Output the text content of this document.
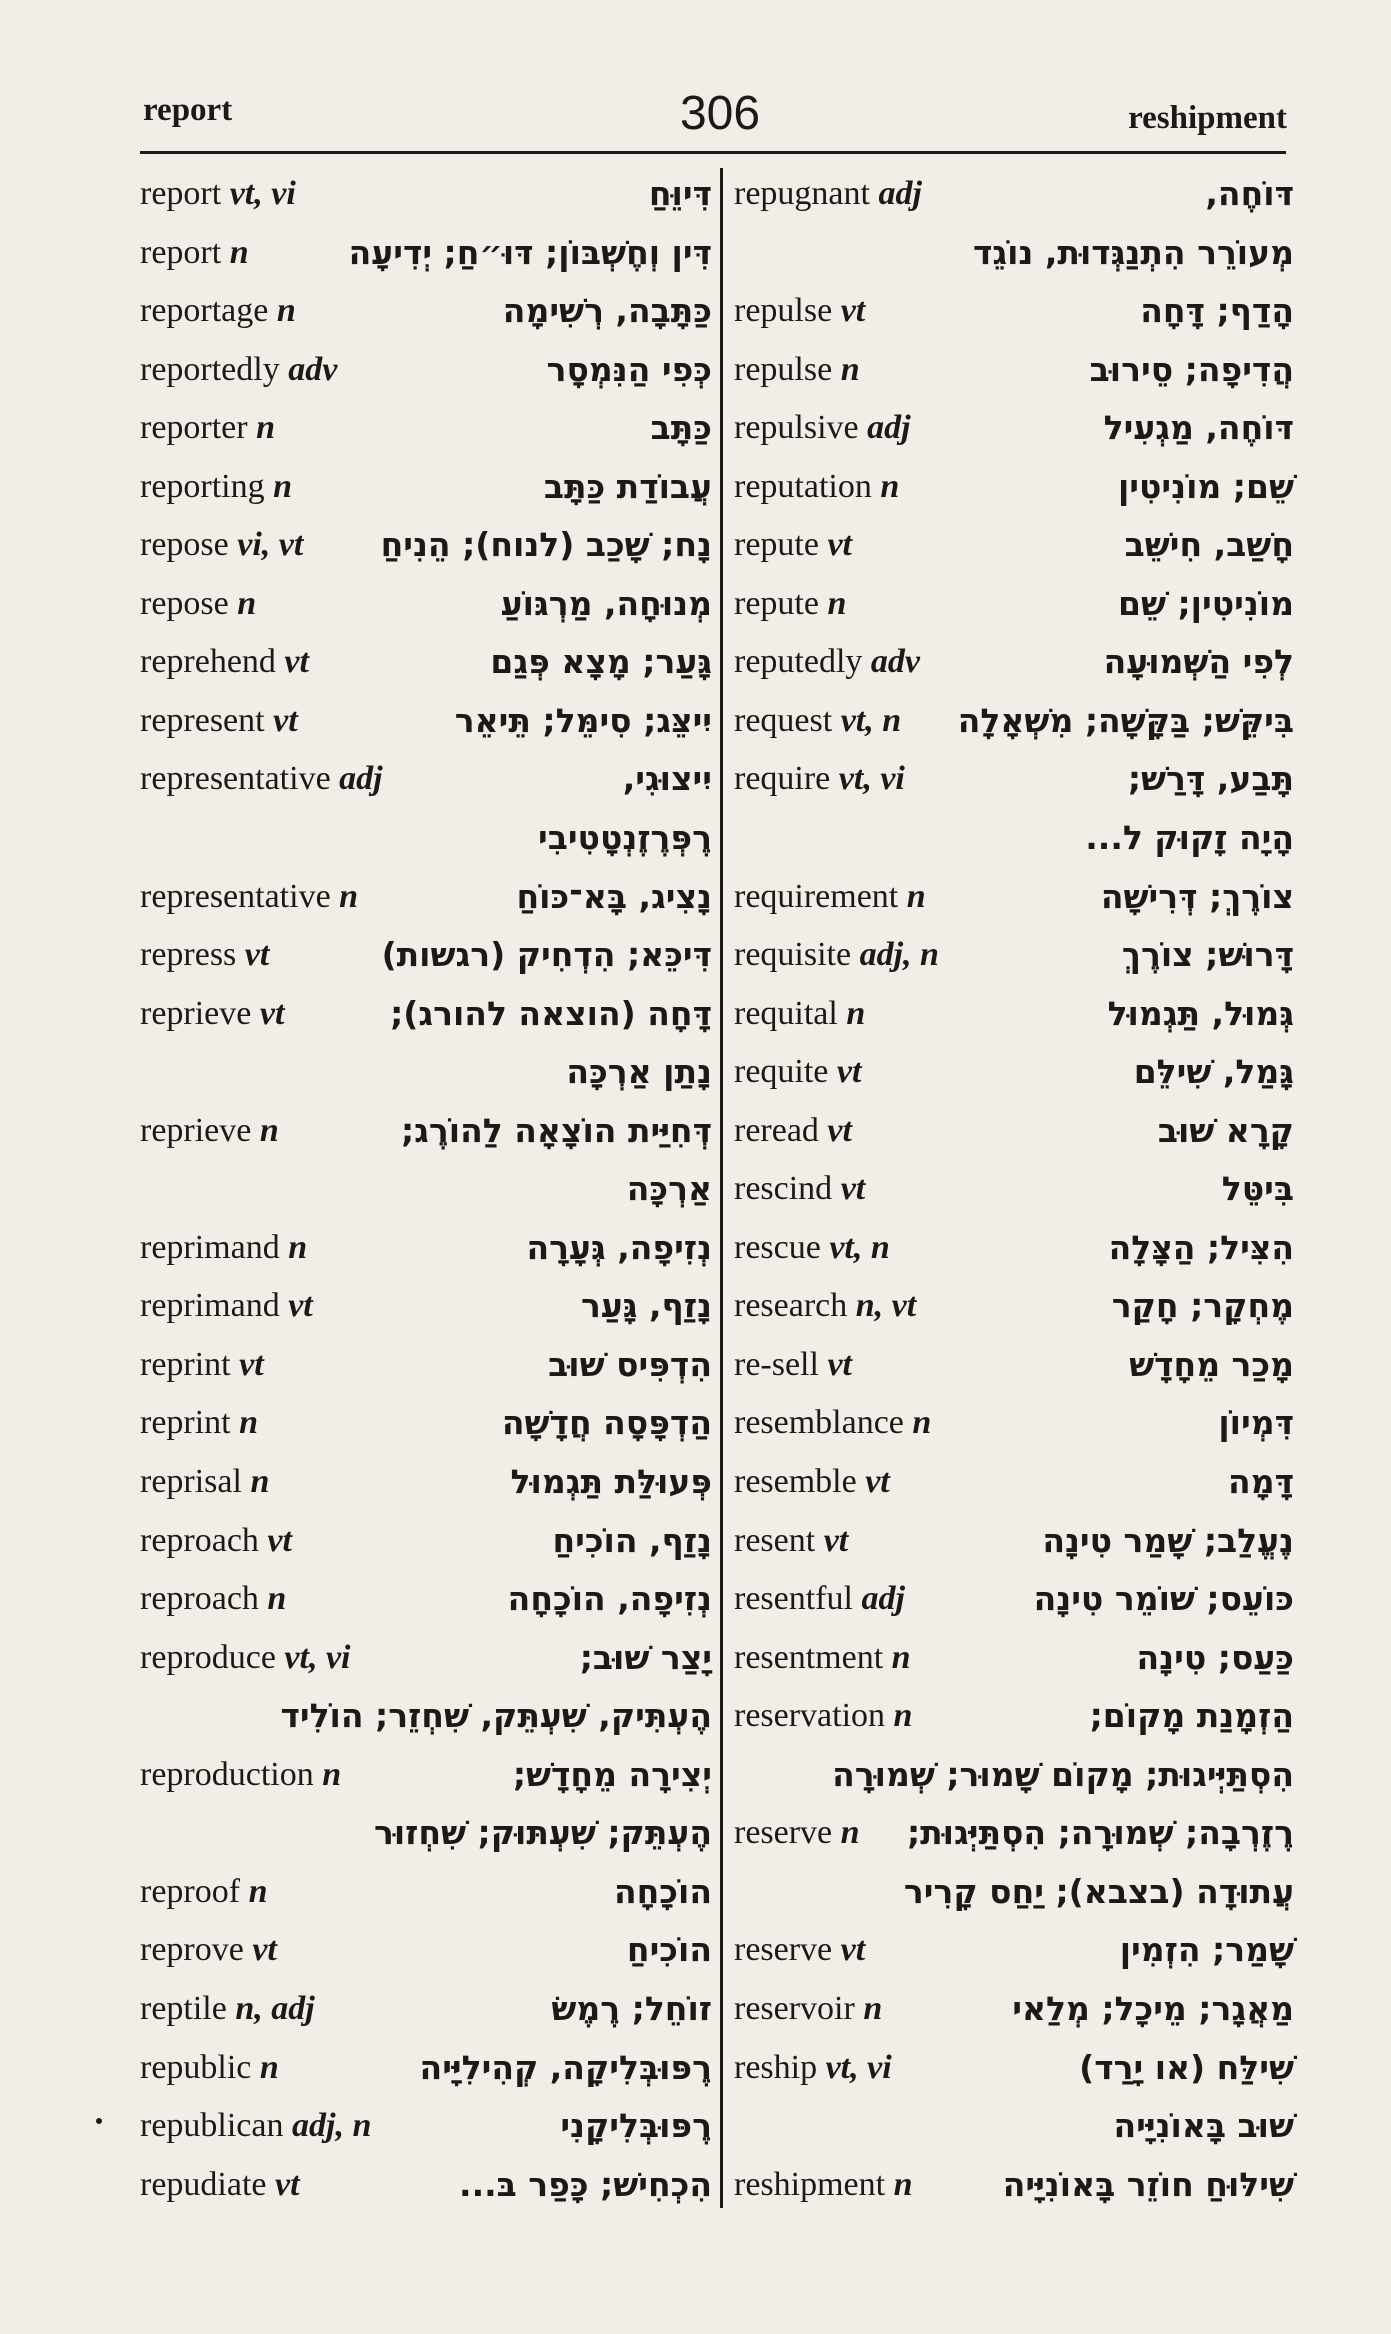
report	306	reshipment
report vt, vi	דִּיוֵּחַ
report n	דִּין וְחֶשְׁבּוֹן; דּוּ״חַ; יְדִיעָה
reportage n	כַּתָּבָה, רְשִׁימָה
reportedly adv	כְּפִי הַנִּמְסָר
reporter n	כַּתָּב
reporting n	עֲבוֹדַת כַּתָּב
repose vi, vt נָח; שָׁכַב (לנוח); הֵנִיחַ
repose n	מְנוּחָה, מַרְגּוֹעַ
reprehend vt	גָּעַר; מָצָא פְּגַם
represent vt	יִיצֵּג; סִימֵּל; תֵּיאֵר
representative adj	יִיצוּגִי,
רֶפְּרֶזֶנְטָטִיבִי
representative n	נָצִיג, בָּא־כּוֹחַ
repress vt	דִּיכֵּא; הִדְחִיק (רגשות)
reprieve vt	דָּחָה (הוצאה להורג);
נָתַן אַרְכָּה
reprieve n	דְּחִיַּית הוֹצָאָה לַהוֹרֶג;
אַרְכָּה
reprimand n	נְזִיפָה, גְּעָרָה
reprimand vt	נָזַף, גָּעַר
reprint vt	הִדְפִּיס שׁוּב
reprint n	הַדְפָּסָה חֲדָשָׁה
reprisal n	פְּעוּלַּת תַּגְמוּל
reproach vt	נָזַף, הוֹכִיחַ
reproach n	נְזִיפָה, הוֹכָחָה
reproduce vt, vi	יָצַר שׁוּב;
הֶעְתִּיק, שִׁעְתֵּק, שִׁחְזֵר; הוֹלִיד
reproduction n	יְצִירָה מֵחָדָשׁ;
הֶעְתֵּק; שִׁעְתּוּק; שִׁחְזוּר
reproof n	הוֹכָחָה
reprove vt	הוֹכִיחַ
reptile n, adj	זוֹחֵל; רֶמֶשׂ
republic n	רֶפּוּבְּלִיקָה, קְהִילִיָּיה
republican adj, n	רֶפּוּבְּלִיקָנִי
repudiate vt	הִכְחִישׁ; כָּפַר בּ...
repugnant adj	דּוֹחֶה,
מְעוֹרֵר הִתְנַגְּדוּת, נוֹגֵד
repulse vt	הָדַף; דָּחָה
repulse n	הֲדִיפָה; סֵירוּב
repulsive adj	דּוֹחֶה, מַגְעִיל
reputation n	שֵׁם; מוֹנִיטִין
repute vt	חָשַׁב, חִישֵּׁב
repute n	מוֹנִיטִין; שֵׁם
reputedly adv	לְפִי הַשְּׁמוּעָה
request vt, n בִּיקֵּשׁ; בַּקָּשָׁה; מִשְׁאָלָה
require vt, vi	תָּבַע, דָּרַשׁ;
הָיָה זָקוּק ל...
requirement n	צוֹרֶךְ; דְּרִישָׁה
requisite adj, n	דָּרוּשׁ; צוֹרֶךְ
requital n	גְּמוּל, תַּגְמוּל
requite vt	גָּמַל, שִׁילֵּם
reread vt	קָרָא שׁוּב
rescind vt	בִּיטֵּל
rescue vt, n	הִצִּיל; הַצָּלָה
research n, vt	מֶחְקָר; חָקַר
re-sell vt	מָכַר מֵחָדָשׁ
resemblance n	דִּמְיוֹן
resemble vt	דָּמָה
resent vt	נֶעֱלַב; שָׁמַר טִינָה
resentful adj	כּוֹעֵס; שׁוֹמֵר טִינָה
resentment n	כַּעַס; טִינָה
reservation n	הַזְמָנַת מָקוֹם;
הִסְתַּיְּיגוּת; מָקוֹם שָׁמוּר; שְׁמוּרָה
reserve n רֶזֶרְבָה; שְׁמוּרָה; הִסְתַּיְּגוּת;
עֲתוּדָה (בצבא); יַחַס קָרִיר
reserve vt	שָׁמַר; הִזְמִין
reservoir n	מַאֲגָר; מֵיכָל; מְלַאי
reship vt, vi	שִׁילַּח (או יָרַד)
שׁוּב בָּאוֹנִיָּיה
reshipment n	שִׁילּוּחַ חוֹזֵר בָּאוֹנִיָּיה
